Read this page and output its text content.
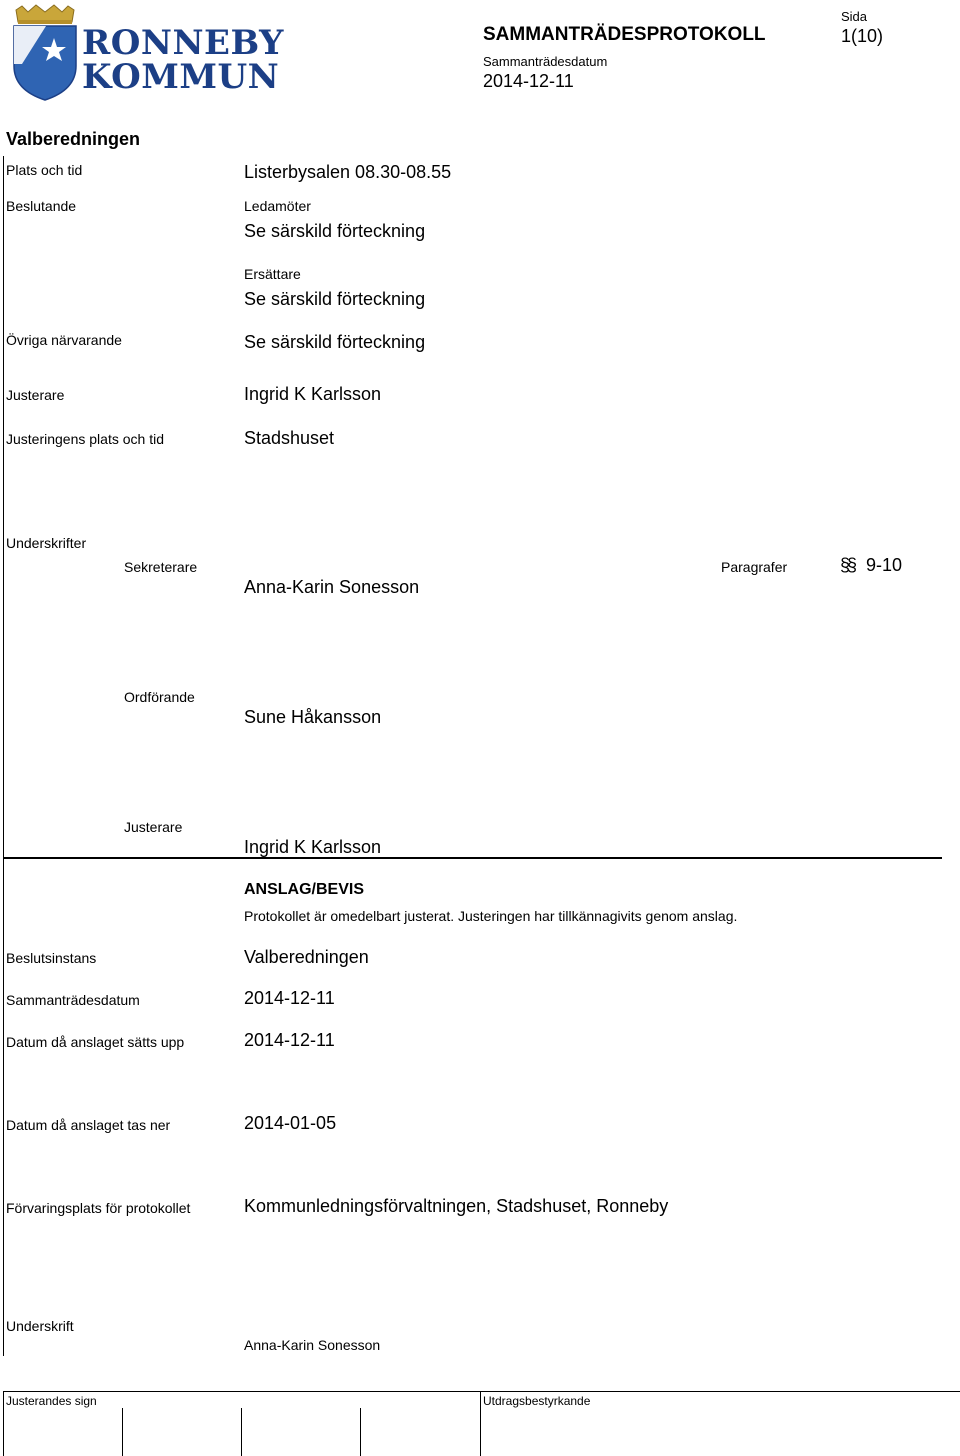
RONNEBY
KOMMUN
SAMMANTRÄDESPROTOKOLL
Sammanträdesdatum
2014-12-11
Sida
1(10)
Valberedningen
Plats och tid	Listerbysalen 08.30-08.55
Beslutande	Ledamöter
Se särskild förteckning
Ersättare
Se särskild förteckning
Övriga närvarande	Se särskild förteckning
Justerare	Ingrid K Karlsson
Justeringens plats och tid	Stadshuset
Underskrifter
Sekreterare
Anna-Karin Sonesson
Paragrafer	§§ 9-10
Ordförande
Sune Håkansson
Justerare
Ingrid K Karlsson
ANSLAG/BEVIS
Protokollet är omedelbart justerat. Justeringen har tillkännagivits genom anslag.
Beslutsinstans	Valberedningen
Sammanträdesdatum	2014-12-11
Datum då anslaget sätts upp	2014-12-11
Datum då anslaget tas ner	2014-01-05
Förvaringsplats för protokollet	Kommunledningsförvaltningen, Stadshuset, Ronneby
Underskrift
Anna-Karin Sonesson
Justerandes sign	Utdragsbestyrkande
